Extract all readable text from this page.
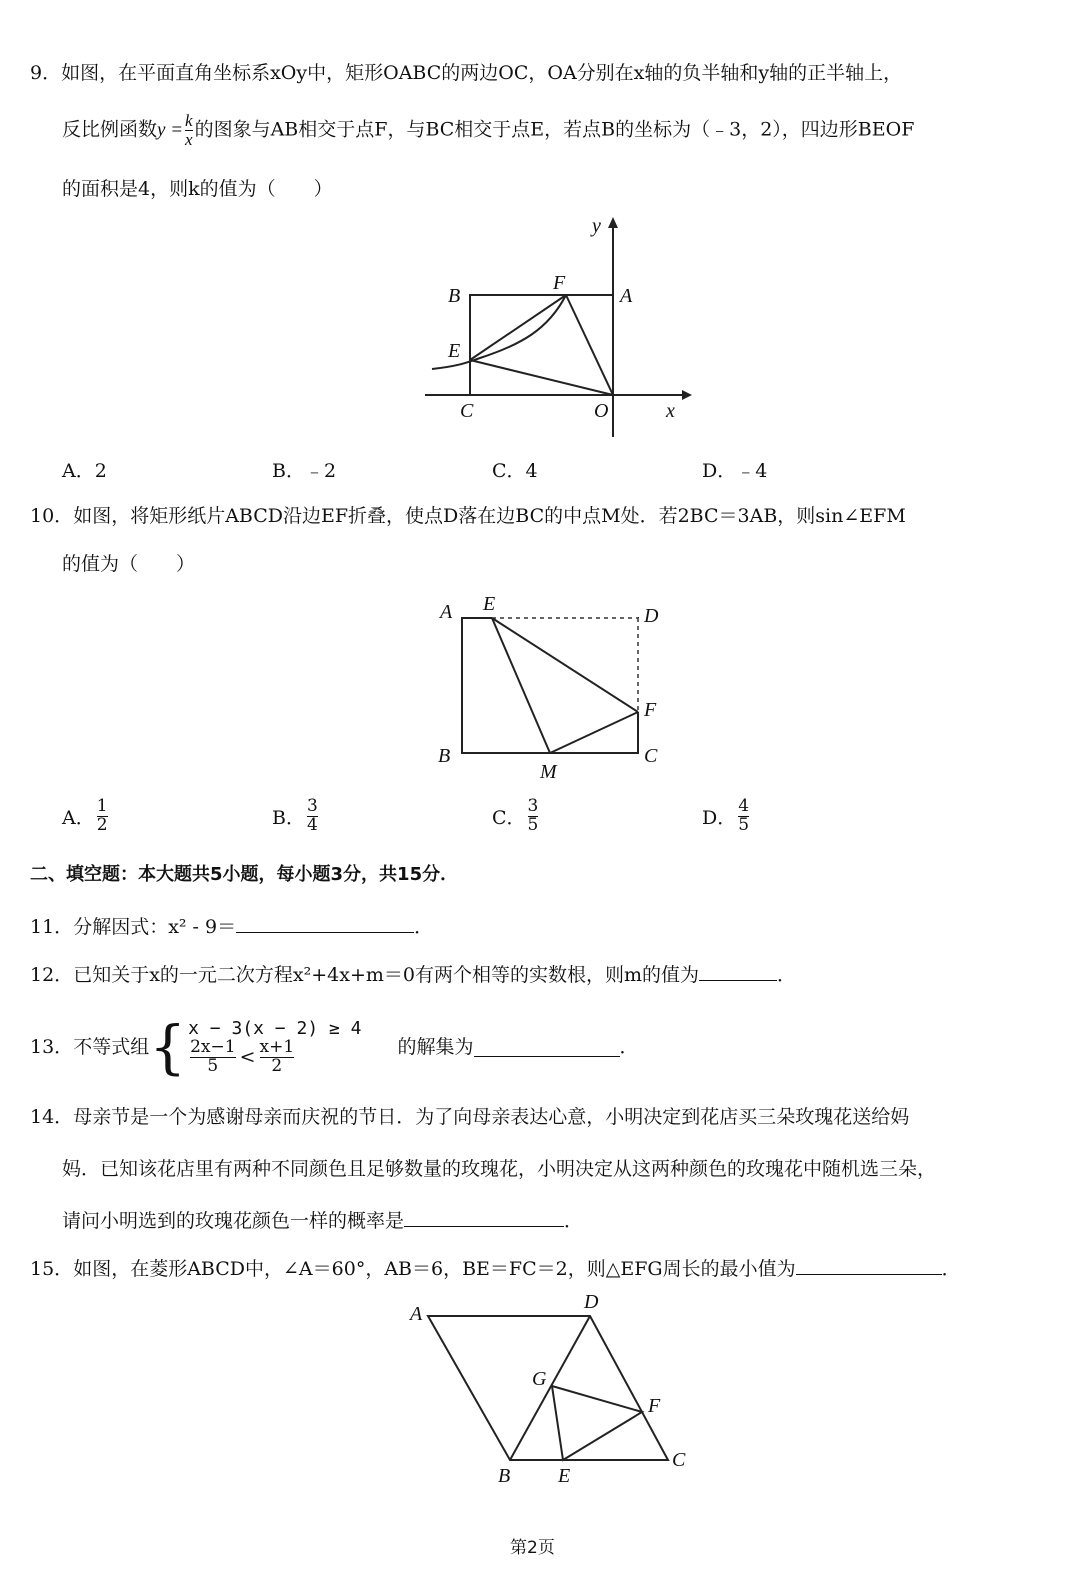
9．如图，在平面直角坐标系xOy中，矩形OABC的两边OC，OA分别在x轴的负半轴和y轴的正半轴上，
反比例函数$y = \frac{k}{x}$ 的图象与AB相交于点F，与BC相交于点E，若点B的坐标为（﹣3，2），四边形BEOF
的面积是4，则k的值为（　　）
B
F
A
E
C	O	x
y
A．2	B．﹣2	C．4	D．﹣4
10．如图，将矩形纸片ABCD沿边EF折叠，使点D落在边BC的中点M处．若2BC＝3AB，则sin∠EFM
的值为（　　）
A E
D
F
B
M
C
A． $\frac{1}{2}$	B． $\frac{3}{4}$	C． $\frac{3}{5}$	D． $\frac{4}{5}$
二、填空题：本大题共5小题，每小题3分，共15分．
11．分解因式：x² - 9＝	．
12．已知关于x的一元二次方程x²+4x+m＝0有两个相等的实数根，则m的值为	．
13． 不等式组 { x − 3(x − 2) ≥ 4
$\frac{2x-1}{5} < \frac{x+1}{2}$	的解集为	．
14．母亲节是一个为感谢母亲而庆祝的节日．为了向母亲表达心意，小明决定到花店买三朵玫瑰花送给妈
妈．已知该花店里有两种不同颜色且足够数量的玫瑰花，小明决定从这两种颜色的玫瑰花中随机选三朵，
请问小明选到的玫瑰花颜色一样的概率是	．
15．如图，在菱形ABCD中，∠A＝60°，AB＝6，BE＝FC＝2，则△EFG周长的最小值为	．
A
D
G
F
B E
C
第2页
